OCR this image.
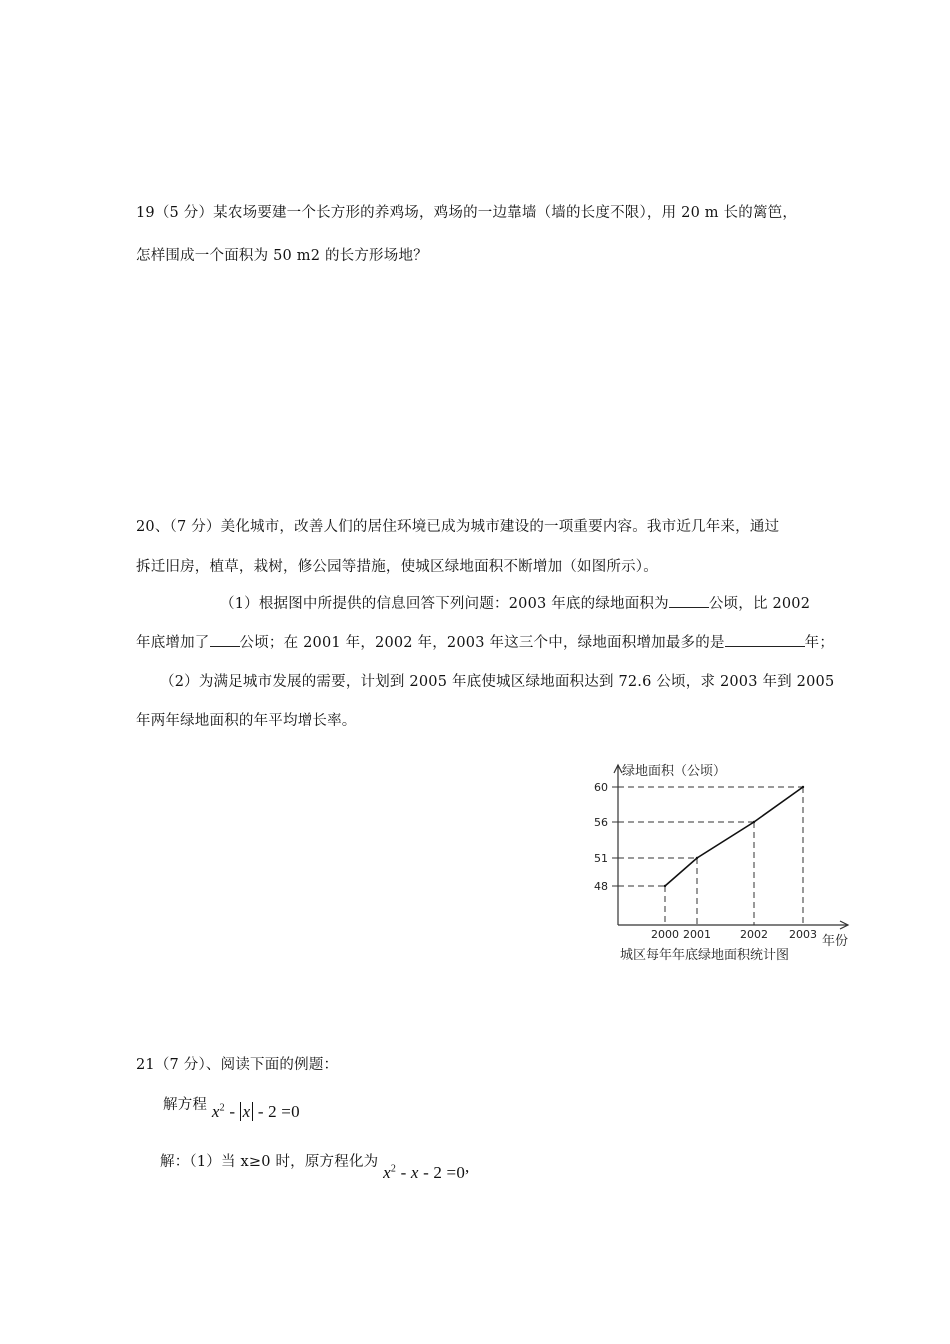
19（5 分）某农场要建一个长方形的养鸡场，鸡场的一边靠墙（墙的长度不限），用 20 m 长的篱笆，
怎样围成一个面积为 50 m2 的长方形场地？
20、（7 分）美化城市，改善人们的居住环境已成为城市建设的一项重要内容。我市近几年来，通过
拆迁旧房，植草，栽树，修公园等措施，使城区绿地面积不断增加（如图所示）。
（1）根据图中所提供的信息回答下列问题：2003 年底的绿地面积为	公顷，比 2002
年底增加了 公顷；在 2001 年，2002 年，2003 年这三个中，绿地面积增加最多的是	年；
（2）为满足城市发展的需要，计划到 2005 年底使城区绿地面积达到 72.6 公顷，求 2003 年到 2005
年两年绿地面积的年平均增长率。
绿地面积（公顷）
年份
48
2000
51
2001
56
2002
60
2003
城区每年年底绿地面积统计图
21（7 分）、阅读下面的例题：
解方程 $x^2 - x - 2 =0$
解：（1）当 x≥0 时，原方程化为 $x^2 - x - 2 =0$,
